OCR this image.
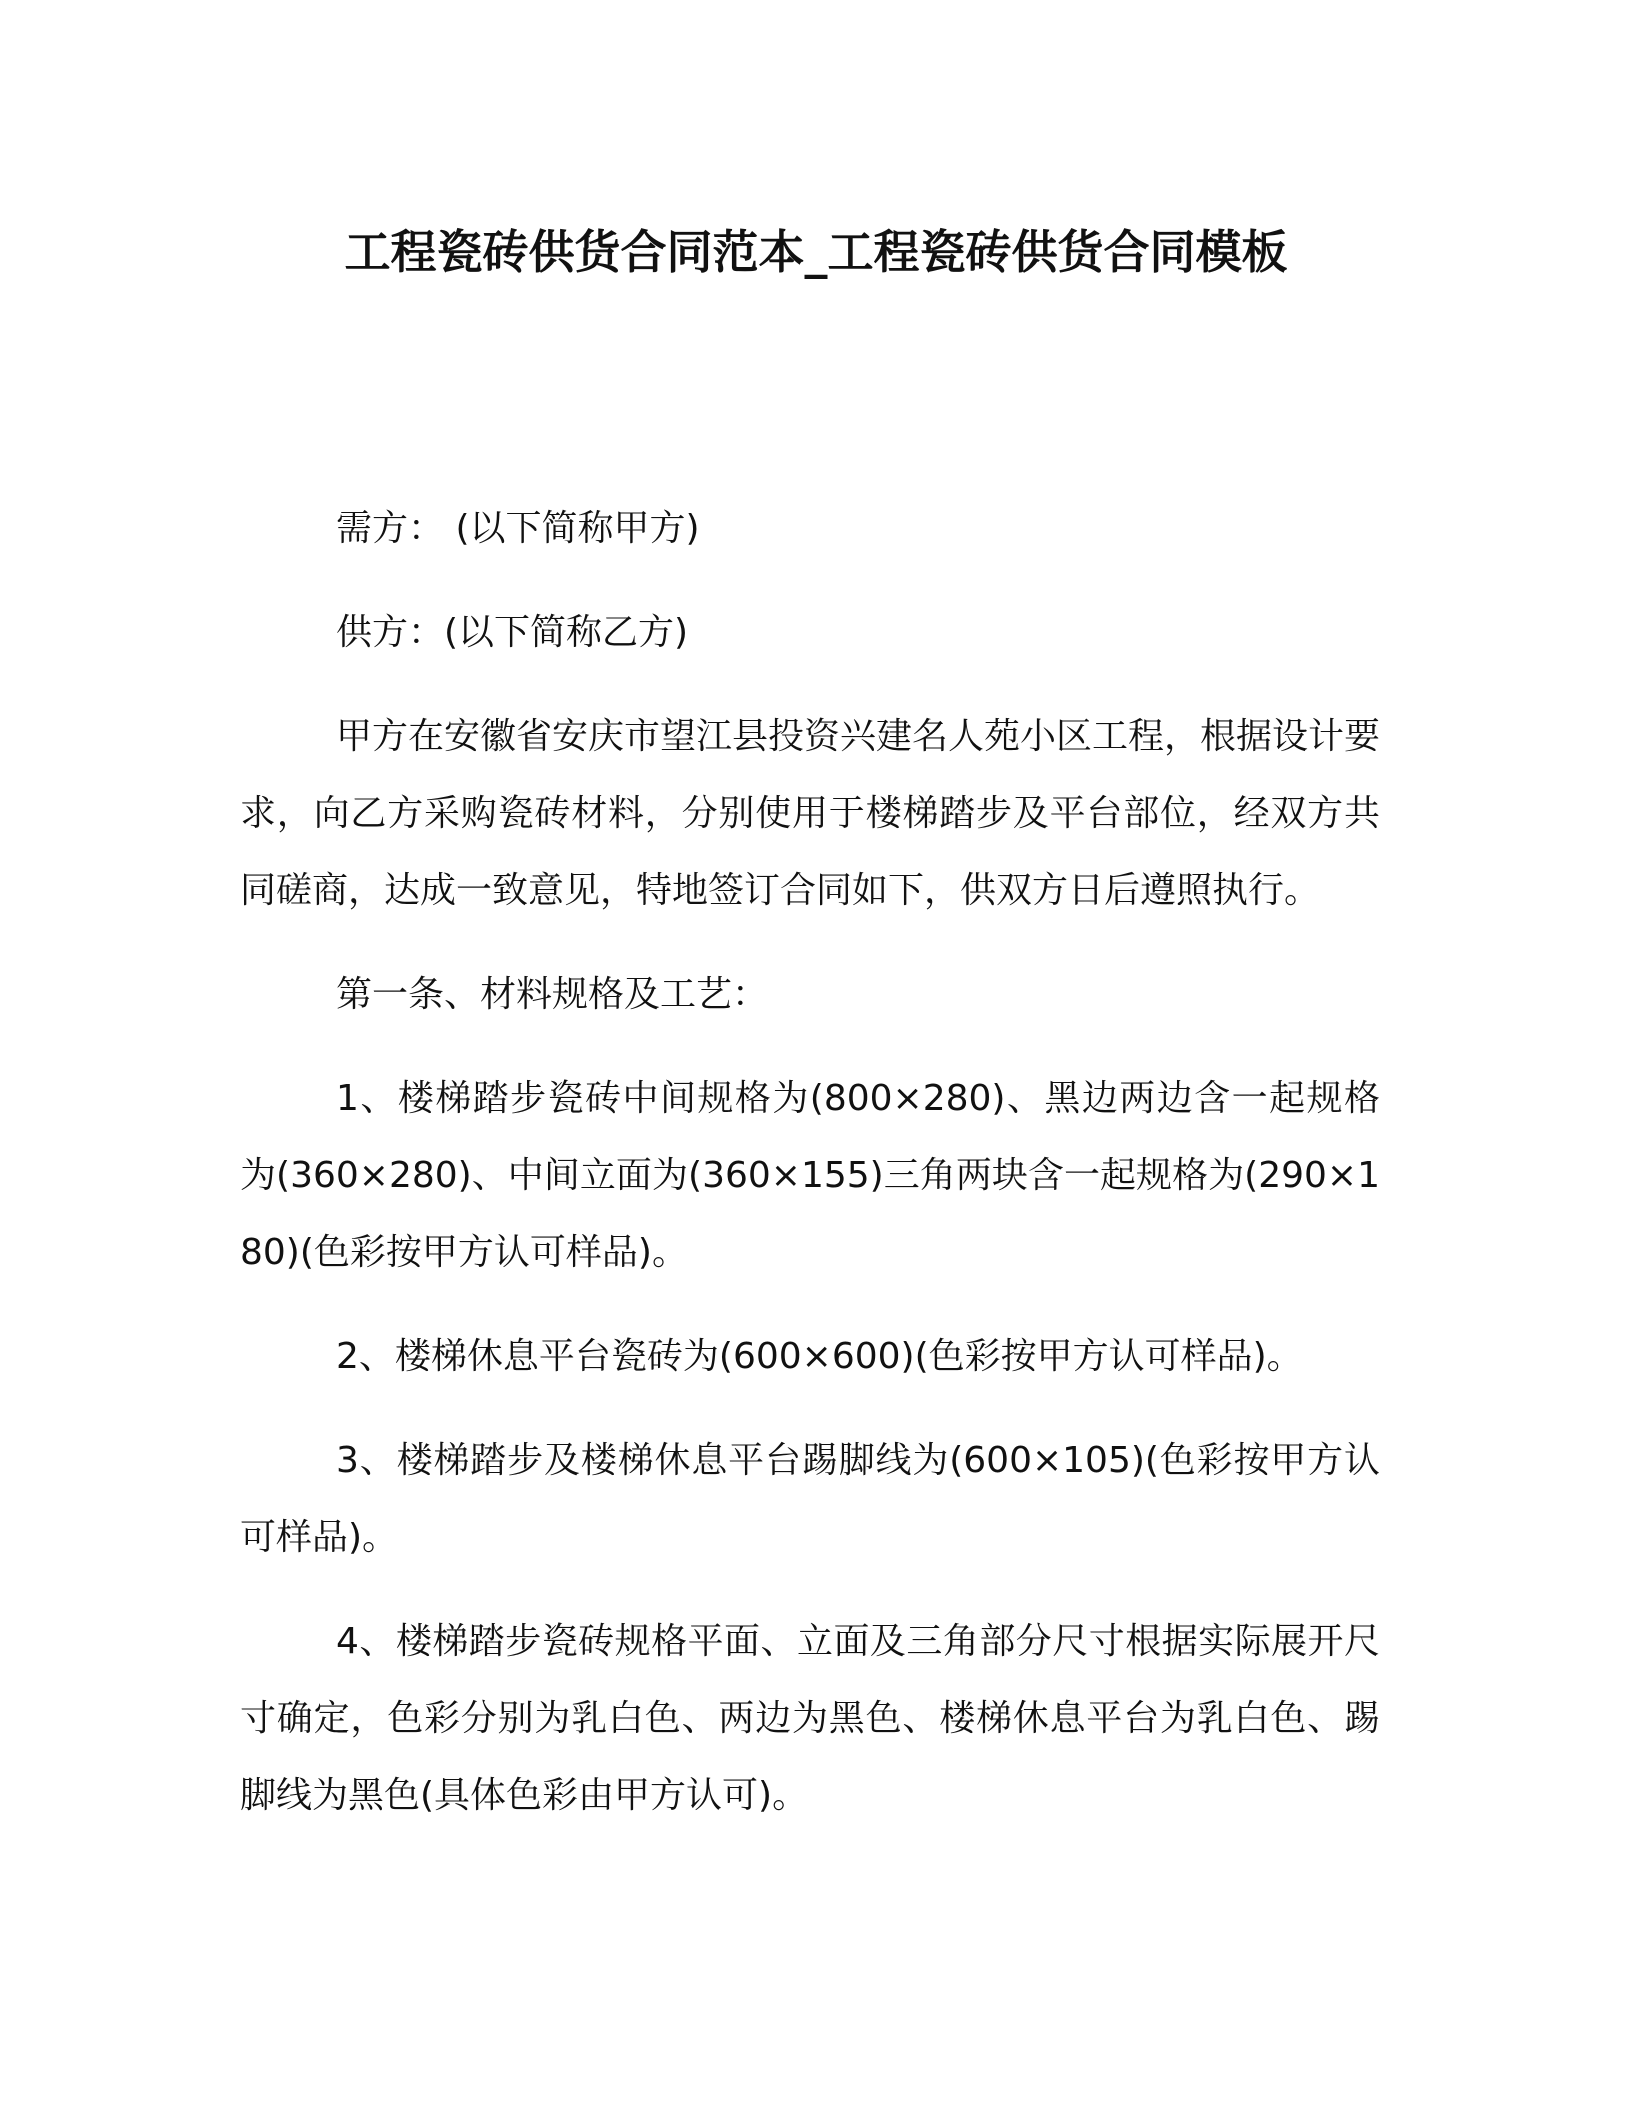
工程瓷砖供货合同范本_工程瓷砖供货合同模板

需方： (以下简称甲方)

供方：(以下简称乙方)

甲方在安徽省安庆市望江县投资兴建名人苑小区工程，根据设计要求，向乙方采购瓷砖材料，分别使用于楼梯踏步及平台部位，经双方共同磋商，达成一致意见，特地签订合同如下，供双方日后遵照执行。

第一条、材料规格及工艺：

1、楼梯踏步瓷砖中间规格为(800×280)、黑边两边含一起规格为(360×280)、中间立面为(360×155)三角两块含一起规格为(290×180)(色彩按甲方认可样品)。

2、楼梯休息平台瓷砖为(600×600)(色彩按甲方认可样品)。

3、楼梯踏步及楼梯休息平台踢脚线为(600×105)(色彩按甲方认可样品)。

4、楼梯踏步瓷砖规格平面、立面及三角部分尺寸根据实际展开尺寸确定，色彩分别为乳白色、两边为黑色、楼梯休息平台为乳白色、踢脚线为黑色(具体色彩由甲方认可)。
